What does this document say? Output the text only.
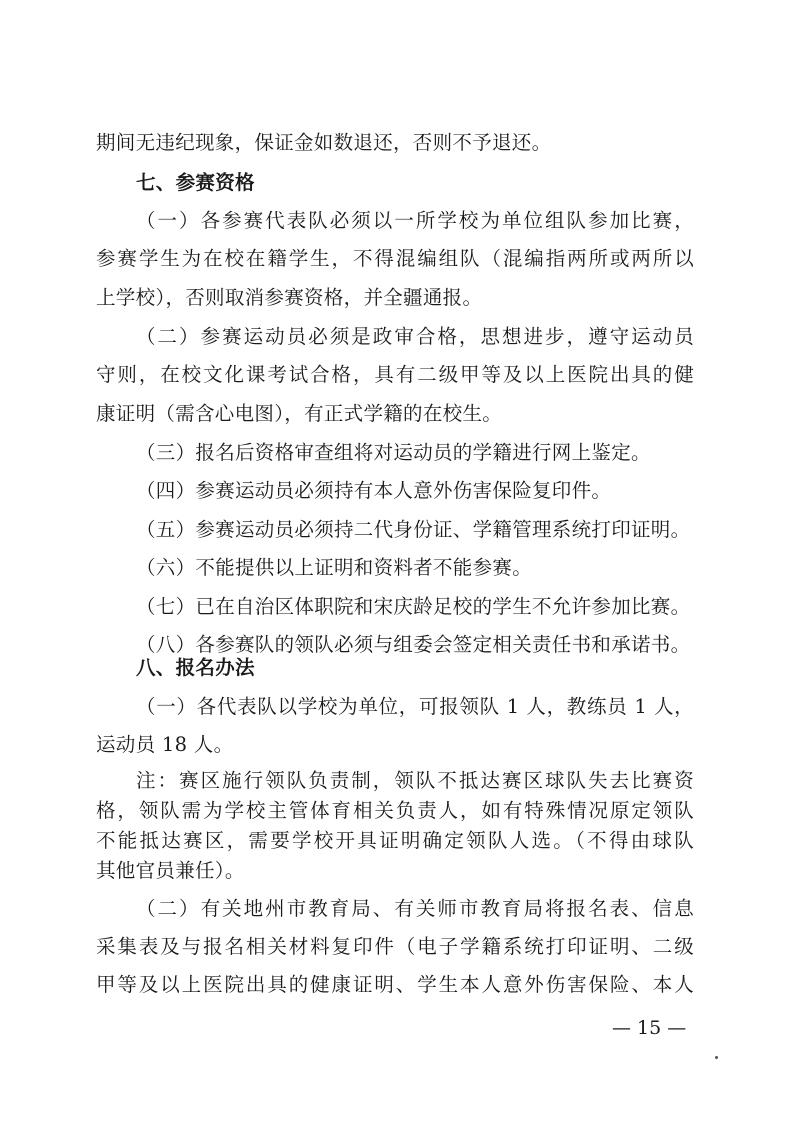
期间无违纪现象，保证金如数退还，否则不予退还。
七、参赛资格
（一）各参赛代表队必须以一所学校为单位组队参加比赛，
参赛学生为在校在籍学生，不得混编组队（混编指两所或两所以
上学校），否则取消参赛资格，并全疆通报。
（二）参赛运动员必须是政审合格，思想进步，遵守运动员
守则，在校文化课考试合格，具有二级甲等及以上医院出具的健
康证明（需含心电图），有正式学籍的在校生。
（三）报名后资格审查组将对运动员的学籍进行网上鉴定。
（四）参赛运动员必须持有本人意外伤害保险复印件。
（五）参赛运动员必须持二代身份证、学籍管理系统打印证明。
（六）不能提供以上证明和资料者不能参赛。
（七）已在自治区体职院和宋庆龄足校的学生不允许参加比赛。
（八）各参赛队的领队必须与组委会签定相关责任书和承诺书。
八、报名办法
（一）各代表队以学校为单位，可报领队 1 人，教练员 1 人，
运动员 18 人。
注：赛区施行领队负责制，领队不抵达赛区球队失去比赛资
格，领队需为学校主管体育相关负责人，如有特殊情况原定领队
不能抵达赛区，需要学校开具证明确定领队人选。（不得由球队
其他官员兼任）。
（二）有关地州市教育局、有关师市教育局将报名表、信息
采集表及与报名相关材料复印件（电子学籍系统打印证明、二级
甲等及以上医院出具的健康证明、学生本人意外伤害保险、本人
— 15 —
